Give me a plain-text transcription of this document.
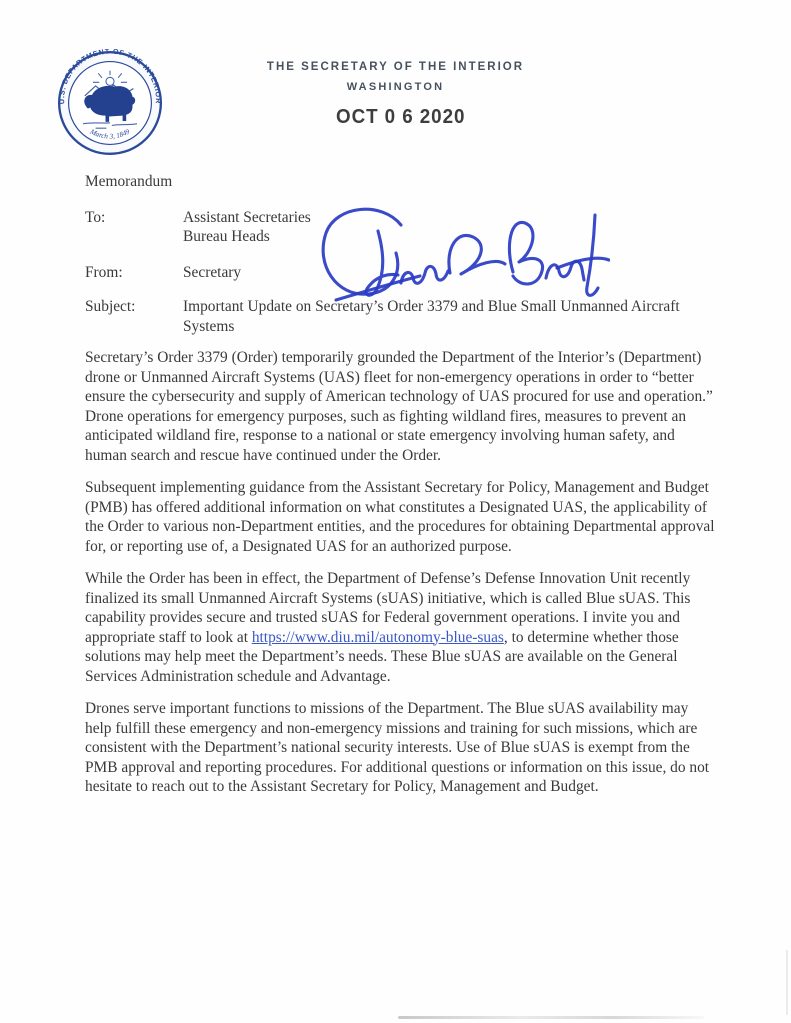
U.S. DEPARTMENT OF THE INTERIOR
March 3, 1849
THE SECRETARY OF THE INTERIOR
WASHINGTON
OCT 0 6 2020
Memorandum
To:	Assistant Secretaries
Bureau Heads
From:	Secretary
Subject:	Important Update on Secretary’s Order 3379 and Blue Small Unmanned Aircraft
Systems

Secretary’s Order 3379 (Order) temporarily grounded the Department of the Interior’s (Department) drone or Unmanned Aircraft Systems (UAS) fleet for non-emergency operations in order to “better ensure the cybersecurity and supply of American technology of UAS procured for use and operation.” Drone operations for emergency purposes, such as fighting wildland fires, measures to prevent an anticipated wildland fire, response to a national or state emergency involving human safety, and human search and rescue have continued under the Order.

Subsequent implementing guidance from the Assistant Secretary for Policy, Management and Budget (PMB) has offered additional information on what constitutes a Designated UAS, the applicability of the Order to various non-Department entities, and the procedures for obtaining Departmental approval for, or reporting use of, a Designated UAS for an authorized purpose.

While the Order has been in effect, the Department of Defense’s Defense Innovation Unit recently finalized its small Unmanned Aircraft Systems (sUAS) initiative, which is called Blue sUAS. This capability provides secure and trusted sUAS for Federal government operations. I invite you and appropriate staff to look at https://www.diu.mil/autonomy-blue-suas, to determine whether those solutions may help meet the Department’s needs. These Blue sUAS are available on the General Services Administration schedule and Advantage.

Drones serve important functions to missions of the Department. The Blue sUAS availability may help fulfill these emergency and non-emergency missions and training for such missions, which are consistent with the Department’s national security interests. Use of Blue sUAS is exempt from the PMB approval and reporting procedures. For additional questions or information on this issue, do not hesitate to reach out to the Assistant Secretary for Policy, Management and Budget.
